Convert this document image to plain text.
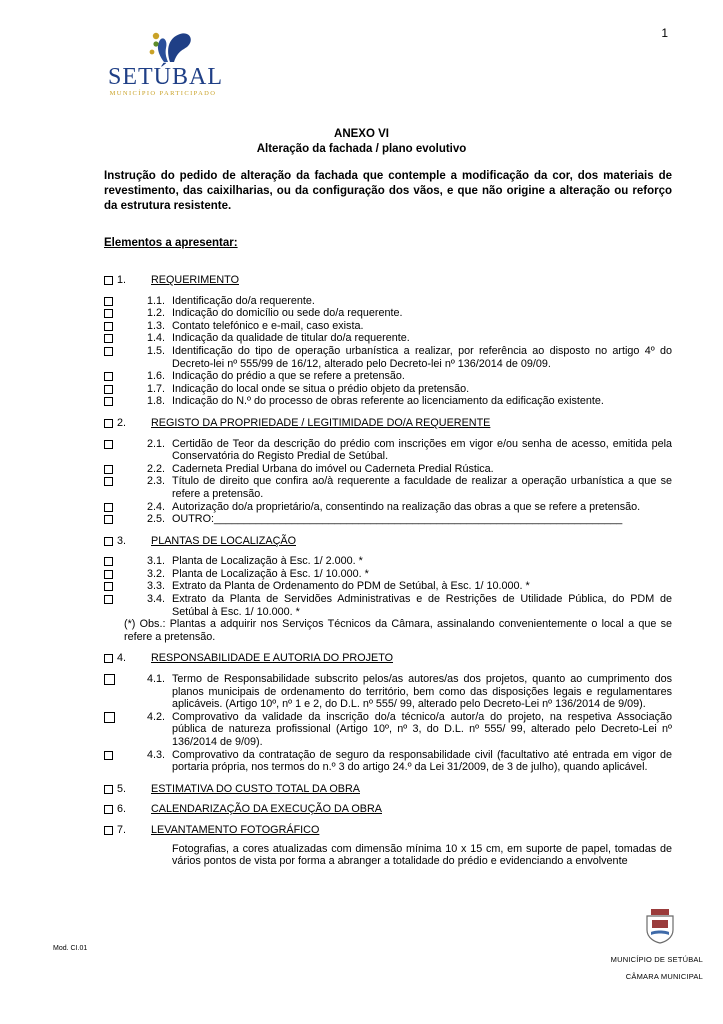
1
SETÚBAL
MUNICÍPIO PARTICIPADO
ANEXO VI
Alteração da fachada / plano evolutivo
Instrução do pedido de alteração da fachada que contemple a modificação da cor, dos materiais de revestimento, das caixilharias, ou da configuração dos vãos, e que não origine a alteração ou reforço da estrutura resistente.
Elementos a apresentar:
1.	REQUERIMENTO
1.1. Identificação do/a requerente.
1.2. Indicação do domicílio ou sede do/a requerente.
1.3. Contato telefónico e e-mail, caso exista.
1.4. Indicação da qualidade de titular do/a requerente.
1.5. Identificação do tipo de operação urbanística a realizar, por referência ao disposto no artigo 4º do Decreto-lei nº 555/99 de 16/12, alterado pelo Decreto-lei nº 136/2014 de 09/09.
1.6. Indicação do prédio a que se refere a pretensão.
1.7. Indicação do local onde se situa o prédio objeto da pretensão.
1.8. Indicação do N.º do processo de obras referente ao licenciamento da edificação existente.
2.	REGISTO DA PROPRIEDADE / LEGITIMIDADE DO/A REQUERENTE
2.1. Certidão de Teor da descrição do prédio com inscrições em vigor e/ou senha de acesso, emitida pela Conservatória do Registo Predial de Setúbal.
2.2. Caderneta Predial Urbana do imóvel ou Caderneta Predial Rústica.
2.3. Título de direito que confira ao/à requerente a faculdade de realizar a operação urbanística a que se refere a pretensão.
2.4. Autorização do/a proprietário/a, consentindo na realização das obras a que se refere a pretensão.
2.5. OUTRO:____________________________________________________________________
3.	PLANTAS DE LOCALIZAÇÃO
3.1. Planta de Localização à Esc. 1/ 2.000. *
3.2. Planta de Localização à Esc. 1/ 10.000. *
3.3. Extrato da Planta de Ordenamento do PDM de Setúbal, à Esc. 1/ 10.000. *
3.4. Extrato da Planta de Servidões Administrativas e de Restrições de Utilidade Pública, do PDM de Setúbal à Esc. 1/ 10.000. *
(*) Obs.: Plantas a adquirir nos Serviços Técnicos da Câmara, assinalando convenientemente o local a que se refere a pretensão.
4.	RESPONSABILIDADE E AUTORIA DO PROJETO
4.1. Termo de Responsabilidade subscrito pelos/as autores/as dos projetos, quanto ao cumprimento dos planos municipais de ordenamento do território, bem como das disposições legais e regulamentares aplicáveis. (Artigo 10º, nº 1 e 2, do D.L. nº 555/ 99, alterado pelo Decreto-Lei nº 136/2014 de 9/09).
4.2. Comprovativo da validade da inscrição do/a técnico/a autor/a do projeto, na respetiva Associação pública de natureza profissional (Artigo 10º, nº 3, do D.L. nº 555/ 99, alterado pelo Decreto-Lei nº 136/2014 de 9/09).
4.3. Comprovativo da contratação de seguro da responsabilidade civil (facultativo até entrada em vigor de portaria própria, nos termos do n.º 3 do artigo 24.º da Lei 31/2009, de 3 de julho), quando aplicável.
5.	ESTIMATIVA DO CUSTO TOTAL DA OBRA
6.	CALENDARIZAÇÃO DA EXECUÇÃO DA OBRA
7.	LEVANTAMENTO FOTOGRÁFICO
Fotografias, a cores atualizadas com dimensão mínima 10 x 15 cm, em suporte de papel, tomadas de vários pontos de vista por forma a abranger a totalidade do prédio e evidenciando a envolvente
Mod. CI.01
MUNICÍPIO DE SETÚBAL
CÂMARA MUNICIPAL
